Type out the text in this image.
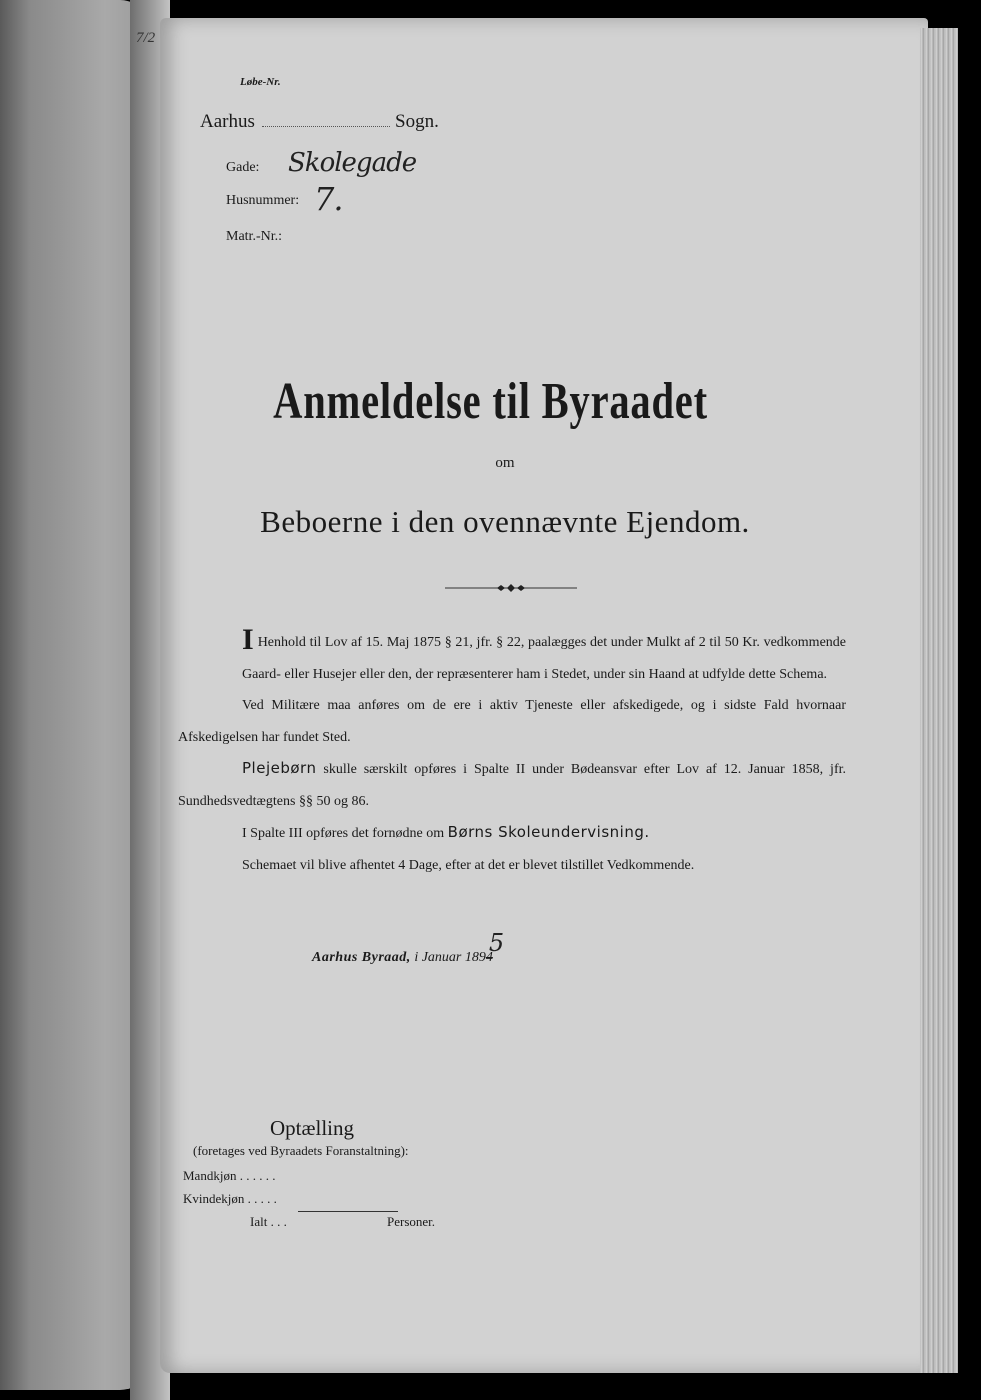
7/2

Løbe-Nr.

Aarhus	Sogn.

Gade: Skolegade

Husnummer: 7.

Matr.-Nr.:

Anmeldelse til Byraadet

om

Beboerne i den ovennævnte Ejendom.

I Henhold til Lov af 15. Maj 1875 § 21, jfr. § 22, paalægges det under Mulkt af 2 til 50 Kr. vedkommende Gaard- eller Husejer eller den, der repræsenterer ham i Stedet, under sin Haand at udfylde dette Schema.

Ved Militære maa anføres om de ere i aktiv Tjeneste eller afskedigede, og i sidste Fald hvornaar Afskedigelsen har fundet Sted.

Plejebørn skulle særskilt opføres i Spalte II under Bødeansvar efter Lov af 12. Januar 1858, jfr. Sundhedsvedtægtens §§ 50 og 86.

I Spalte III opføres det fornødne om Børns Skoleundervisning.

Schemaet vil blive afhentet 4 Dage, efter at det er blevet tilstillet Vedkommende.

Aarhus Byraad, i Januar 18945

Optælling

(foretages ved Byraadets Foranstaltning):

Mandkjøn . . . . . .

Kvindekjøn . . . . .

Ialt . . .	Personer.
